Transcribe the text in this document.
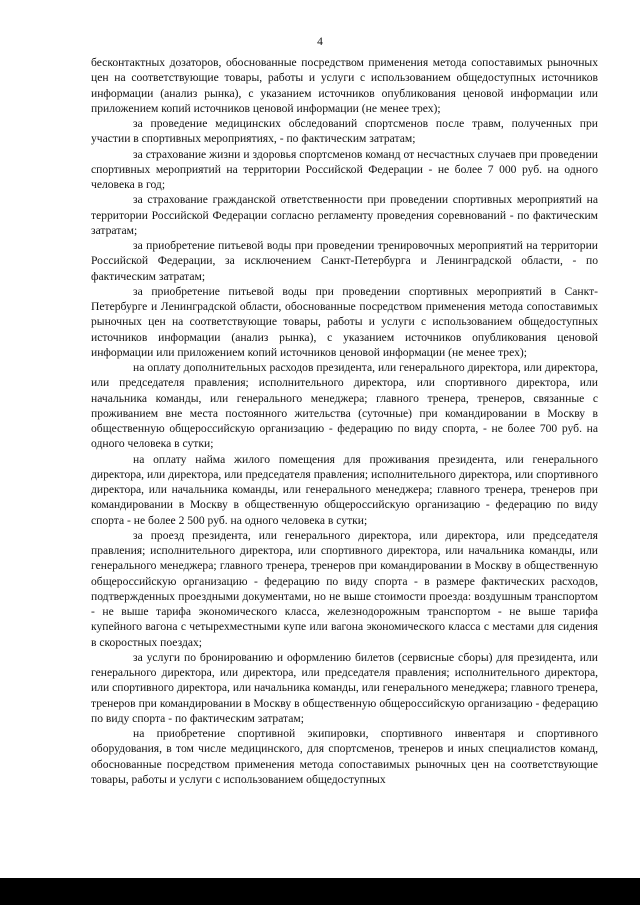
4

бесконтактных дозаторов, обоснованные посредством применения метода сопоставимых рыночных цен на соответствующие товары, работы и услуги с использованием общедоступных источников информации (анализ рынка), с указанием источников опубликования ценовой информации или приложением копий источников ценовой информации (не менее трех);

за проведение медицинских обследований спортсменов после травм, полученных при участии в спортивных мероприятиях, - по фактическим затратам;

за страхование жизни и здоровья спортсменов команд от несчастных случаев при проведении спортивных мероприятий на территории Российской Федерации - не более 7 000 руб. на одного человека в год;

за страхование гражданской ответственности при проведении спортивных мероприятий на территории Российской Федерации согласно регламенту проведения соревнований - по фактическим затратам;

за приобретение питьевой воды при проведении тренировочных мероприятий на территории Российской Федерации, за исключением Санкт-Петербурга и Ленинградской области, - по фактическим затратам;

за приобретение питьевой воды при проведении спортивных мероприятий в Санкт-Петербурге и Ленинградской области, обоснованные посредством применения метода сопоставимых рыночных цен на соответствующие товары, работы и услуги с использованием общедоступных источников информации (анализ рынка), с указанием источников опубликования ценовой информации или приложением копий источников ценовой информации (не менее трех);

на оплату дополнительных расходов президента, или генерального директора, или директора, или председателя правления; исполнительного директора, или спортивного директора, или начальника команды, или генерального менеджера; главного тренера, тренеров, связанные с проживанием вне места постоянного жительства (суточные) при командировании в Москву в общественную общероссийскую организацию - федерацию по виду спорта, - не более 700 руб. на одного человека в сутки;

на оплату найма жилого помещения для проживания президента, или генерального директора, или директора, или председателя правления; исполнительного директора, или спортивного директора, или начальника команды, или генерального менеджера; главного тренера, тренеров при командировании в Москву в общественную общероссийскую организацию - федерацию по виду спорта - не более 2 500 руб. на одного человека в сутки;

за проезд президента, или генерального директора, или директора, или председателя правления; исполнительного директора, или спортивного директора, или начальника команды, или генерального менеджера; главного тренера, тренеров при командировании в Москву в общественную общероссийскую организацию - федерацию по виду спорта - в размере фактических расходов, подтвержденных проездными документами, но не выше стоимости проезда: воздушным транспортом - не выше тарифа экономического класса, железнодорожным транспортом - не выше тарифа купейного вагона с четырехместными купе или вагона экономического класса с местами для сидения в скоростных поездах;

за услуги по бронированию и оформлению билетов (сервисные сборы) для президента, или генерального директора, или директора, или председателя правления; исполнительного директора, или спортивного директора, или начальника команды, или генерального менеджера; главного тренера, тренеров при командировании в Москву в общественную общероссийскую организацию - федерацию по виду спорта - по фактическим затратам;

на приобретение спортивной экипировки, спортивного инвентаря и спортивного оборудования, в том числе медицинского, для спортсменов, тренеров и иных специалистов команд, обоснованные посредством применения метода сопоставимых рыночных цен на соответствующие товары, работы и услуги с использованием общедоступных
